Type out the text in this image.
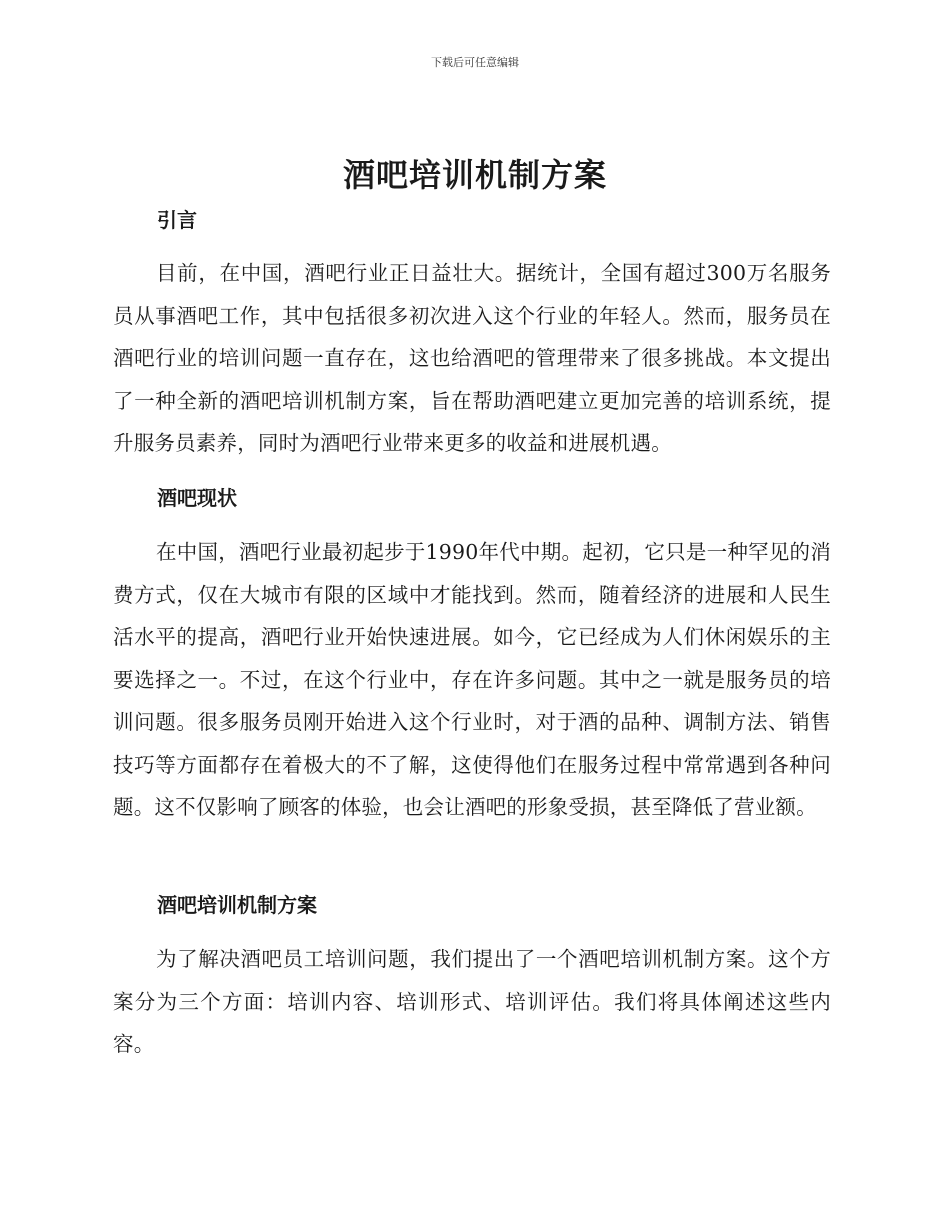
下载后可任意编辑
酒吧培训机制方案
引言

目前，在中国，酒吧行业正日益壮大。据统计，全国有超过300万名服务员从事酒吧工作，其中包括很多初次进入这个行业的年轻人。然而，服务员在酒吧行业的培训问题一直存在，这也给酒吧的管理带来了很多挑战。本文提出了一种全新的酒吧培训机制方案，旨在帮助酒吧建立更加完善的培训系统，提升服务员素养，同时为酒吧行业带来更多的收益和进展机遇。

酒吧现状

在中国，酒吧行业最初起步于1990年代中期。起初，它只是一种罕见的消费方式，仅在大城市有限的区域中才能找到。然而，随着经济的进展和人民生活水平的提高，酒吧行业开始快速进展。如今，它已经成为人们休闲娱乐的主要选择之一。不过，在这个行业中，存在许多问题。其中之一就是服务员的培训问题。很多服务员刚开始进入这个行业时，对于酒的品种、调制方法、销售技巧等方面都存在着极大的不了解，这使得他们在服务过程中常常遇到各种问题。这不仅影响了顾客的体验，也会让酒吧的形象受损，甚至降低了营业额。

酒吧培训机制方案

为了解决酒吧员工培训问题，我们提出了一个酒吧培训机制方案。这个方案分为三个方面：培训内容、培训形式、培训评估。我们将具体阐述这些内容。
